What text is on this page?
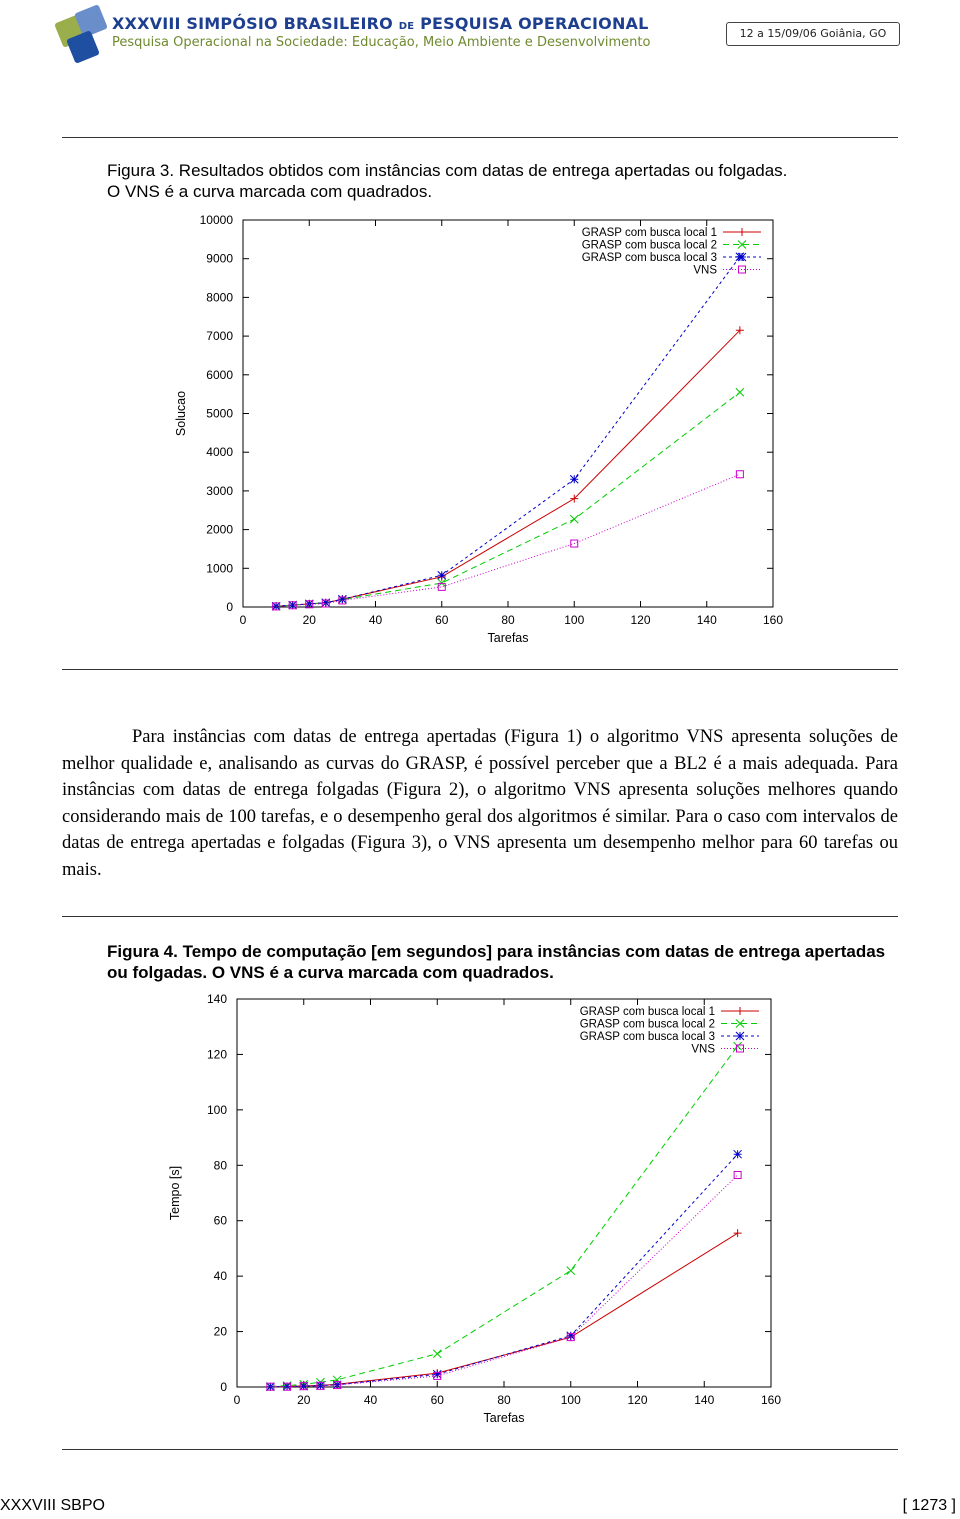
XXXVIII SIMPÓSIO BRASILEIRO DE PESQUISA OPERACIONAL
Pesquisa Operacional na Sociedade: Educação, Meio Ambiente e Desenvolvimento
12 a 15/09/06 Goiânia, GO
Figura 3. Resultados obtidos com instâncias com datas de entrega apertadas ou folgadas.
O VNS é a curva marcada com quadrados.
0	20	40	60	80	100	120	140	160
0
1000
2000
3000
4000
5000
6000
7000
8000
9000
10000
Tarefas
Solucao
GRASP com busca local 1
GRASP com busca local 2
GRASP com busca local 3
VNS
0	20	40	60	80	100	120	140	160
0
20
40
60
80
100
120
140
Tarefas
Tempo [s]
GRASP com busca local 1
GRASP com busca local 2
GRASP com busca local 3
VNS
Para instâncias com datas de entrega apertadas (Figura 1) o algoritmo VNS apresenta soluções de melhor qualidade e, analisando as curvas do GRASP, é possível perceber que a BL2 é a mais adequada. Para instâncias com datas de entrega folgadas (Figura 2), o algoritmo VNS apresenta soluções melhores quando considerando mais de 100 tarefas, e o desempenho geral dos algoritmos é similar. Para o caso com intervalos de datas de entrega apertadas e folgadas (Figura 3), o VNS apresenta um desempenho melhor para 60 tarefas ou mais.
Figura 4. Tempo de computação [em segundos] para instâncias com datas de entrega apertadas ou folgadas. O VNS é a curva marcada com quadrados.
XXXVIII SBPO	[ 1273 ]
